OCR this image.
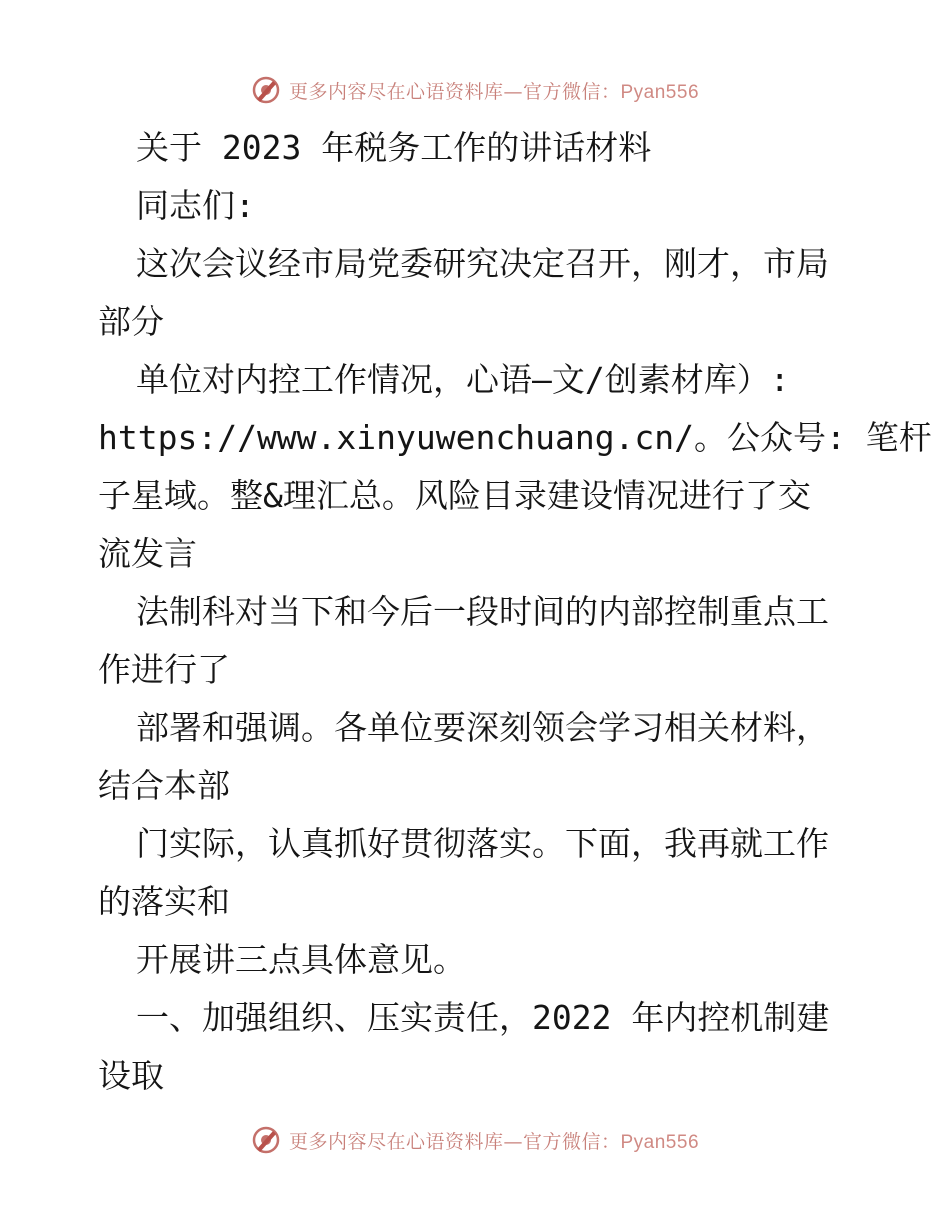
更多内容尽在心语资料库—官方微信：Pyan556
关于 2023 年税务工作的讲话材料
同志们:
这次会议经市局党委研究决定召开，刚才，市局
部分
单位对内控工作情况，心语—文/创素材库）:
https://www.xinyuwenchuang.cn/。公众号: 笔杆
子星域。整&理汇总。风险目录建设情况进行了交
流发言
法制科对当下和今后一段时间的内部控制重点工
作进行了
部署和强调。各单位要深刻领会学习相关材料，
结合本部
门实际，认真抓好贯彻落实。下面，我再就工作
的落实和
开展讲三点具体意见。
一、加强组织、压实责任，2022 年内控机制建
设取
更多内容尽在心语资料库—官方微信：Pyan556
